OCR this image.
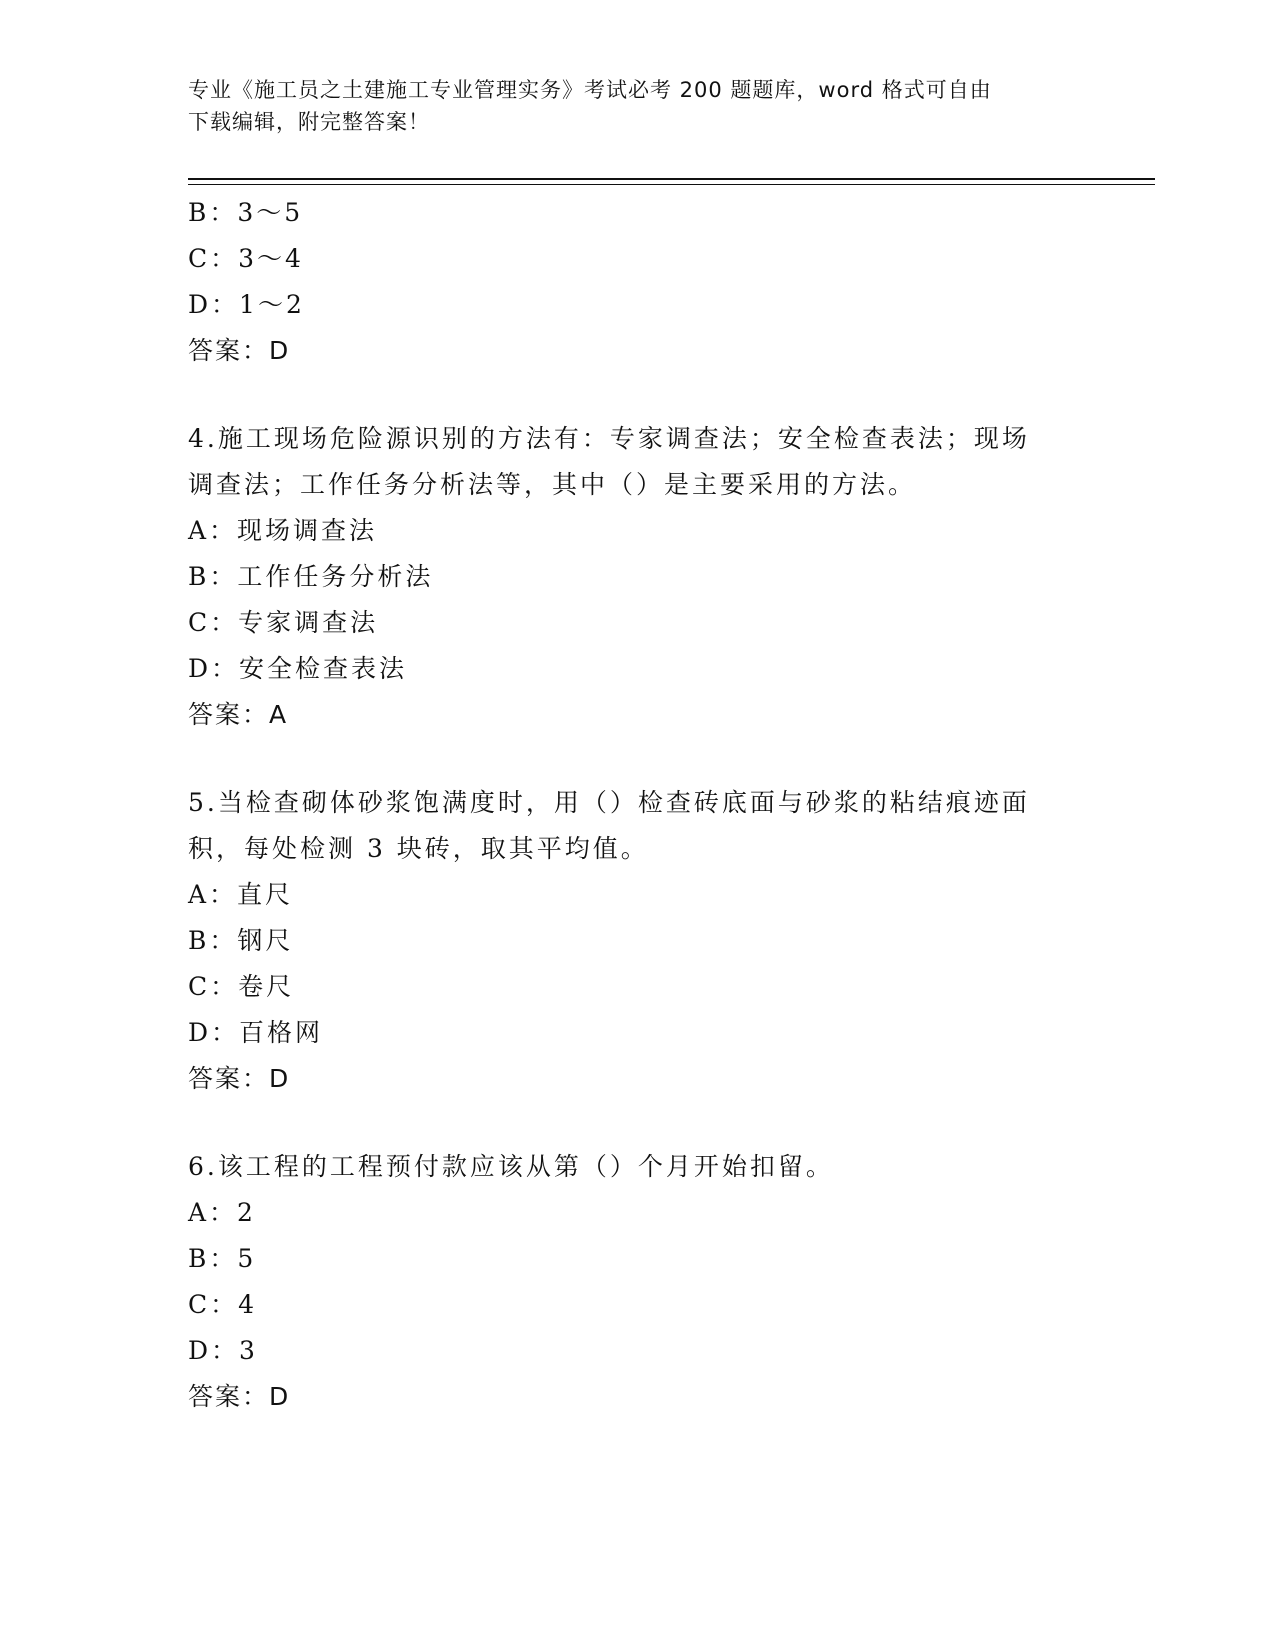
专业《施工员之土建施工专业管理实务》考试必考 200 题题库，word 格式可自由
下载编辑，附完整答案！
B：3～5
C：3～4
D：1～2
答案：D
4.施工现场危险源识别的方法有：专家调查法；安全检查表法；现场
调查法；工作任务分析法等，其中（）是主要采用的方法。
A：现场调查法
B：工作任务分析法
C：专家调查法
D：安全检查表法
答案：A
5.当检查砌体砂浆饱满度时，用（）检查砖底面与砂浆的粘结痕迹面
积，每处检测 3 块砖，取其平均值。
A：直尺
B：钢尺
C：卷尺
D：百格网
答案：D
6.该工程的工程预付款应该从第（）个月开始扣留。
A：2
B：5
C：4
D：3
答案：D
